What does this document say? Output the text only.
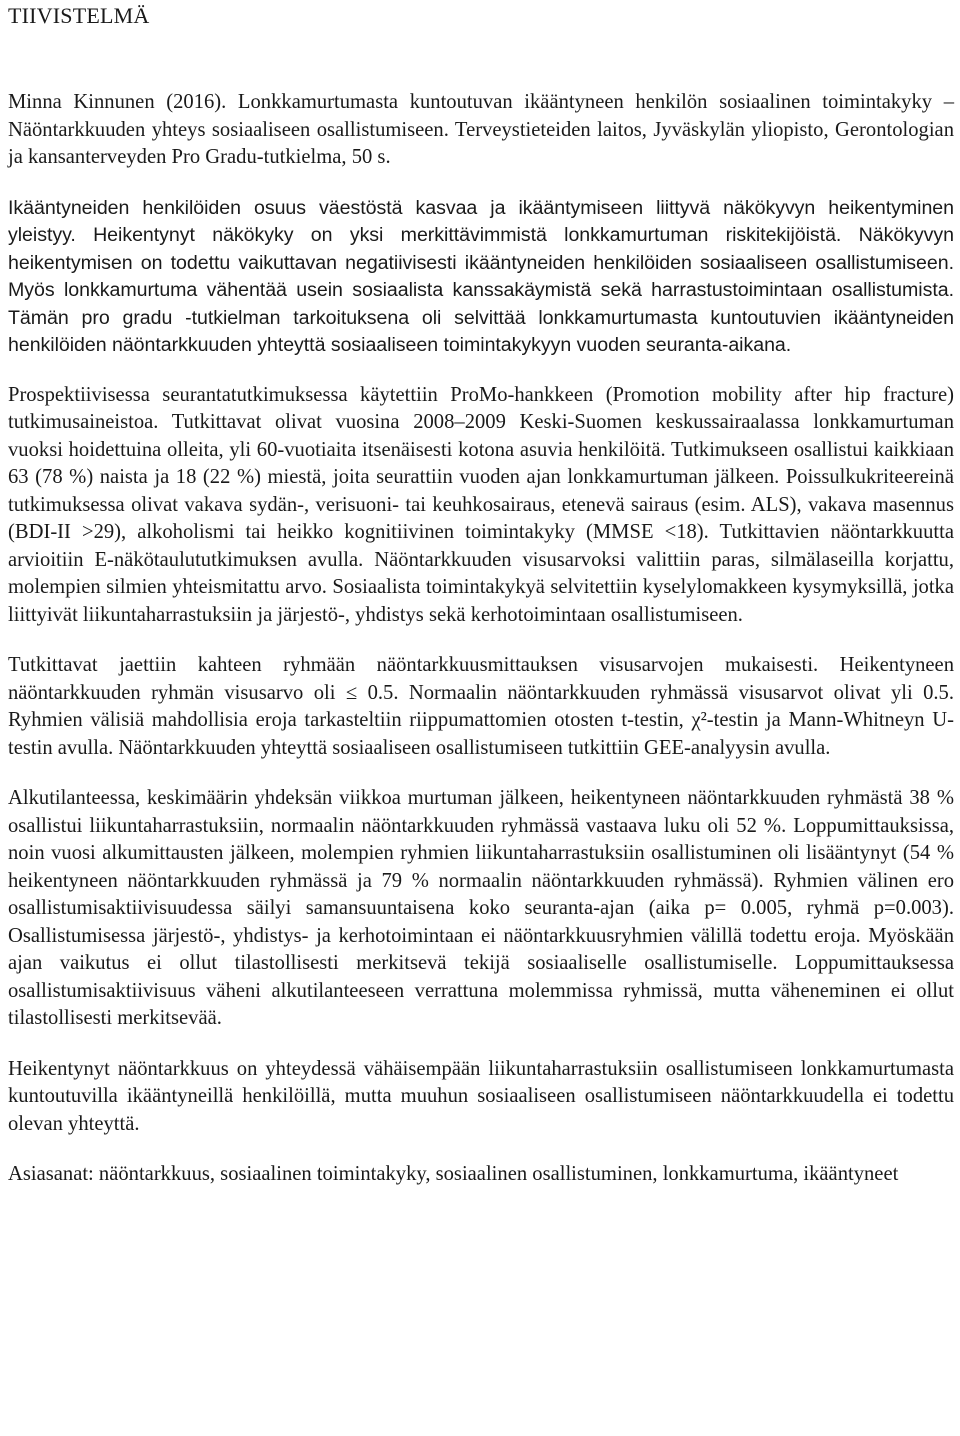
TIIVISTELMÄ

Minna Kinnunen (2016). Lonkkamurtumasta kuntoutuvan ikääntyneen henkilön sosiaalinen toimintakyky – Näöntarkkuuden yhteys sosiaaliseen osallistumiseen. Terveystieteiden laitos, Jyväskylän yliopisto, Gerontologian ja kansanterveyden Pro Gradu-tutkielma, 50 s.

Ikääntyneiden henkilöiden osuus väestöstä kasvaa ja ikääntymiseen liittyvä näkökyvyn heikentyminen yleistyy. Heikentynyt näkökyky on yksi merkittävimmistä lonkkamurtuman riskitekijöistä. Näkökyvyn heikentymisen on todettu vaikuttavan negatiivisesti ikääntyneiden henkilöiden sosiaaliseen osallistumiseen. Myös lonkkamurtuma vähentää usein sosiaalista kanssakäymistä sekä harrastustoimintaan osallistumista. Tämän pro gradu -tutkielman tarkoituksena oli selvittää lonkkamurtumasta kuntoutuvien ikääntyneiden henkilöiden näöntarkkuuden yhteyttä sosiaaliseen toimintakykyyn vuoden seuranta-aikana.

Prospektiivisessa seurantatutkimuksessa käytettiin ProMo-hankkeen (Promotion mobility after hip fracture) tutkimusaineistoa. Tutkittavat olivat vuosina 2008–2009 Keski-Suomen keskussairaalassa lonkkamurtuman vuoksi hoidettuina olleita, yli 60-vuotiaita itsenäisesti kotona asuvia henkilöitä. Tutkimukseen osallistui kaikkiaan 63 (78 %) naista ja 18 (22 %) miestä, joita seurattiin vuoden ajan lonkkamurtuman jälkeen. Poissulkukriteereinä tutkimuksessa olivat vakava sydän-, verisuoni- tai keuhkosairaus, etenevä sairaus (esim. ALS), vakava masennus (BDI-II >29), alkoholismi tai heikko kognitiivinen toimintakyky (MMSE <18). Tutkittavien näöntarkkuutta arvioitiin E-näkötaulututkimuksen avulla. Näöntarkkuuden visusarvoksi valittiin paras, silmälaseilla korjattu, molempien silmien yhteismitattu arvo. Sosiaalista toimintakykyä selvitettiin kyselylomakkeen kysymyksillä, jotka liittyivät liikuntaharrastuksiin ja järjestö-, yhdistys sekä kerhotoimintaan osallistumiseen.

Tutkittavat jaettiin kahteen ryhmään näöntarkkuusmittauksen visusarvojen mukaisesti. Heikentyneen näöntarkkuuden ryhmän visusarvo oli ≤ 0.5. Normaalin näöntarkkuuden ryhmässä visusarvot olivat yli 0.5. Ryhmien välisiä mahdollisia eroja tarkasteltiin riippumattomien otosten t-testin, χ²-testin ja Mann-Whitneyn U-testin avulla. Näöntarkkuuden yhteyttä sosiaaliseen osallistumiseen tutkittiin GEE-analyysin avulla.

Alkutilanteessa, keskimäärin yhdeksän viikkoa murtuman jälkeen, heikentyneen näöntarkkuuden ryhmästä 38 % osallistui liikuntaharrastuksiin, normaalin näöntarkkuuden ryhmässä vastaava luku oli 52 %. Loppumittauksissa, noin vuosi alkumittausten jälkeen, molempien ryhmien liikuntaharrastuksiin osallistuminen oli lisääntynyt (54 % heikentyneen näöntarkkuuden ryhmässä ja 79 % normaalin näöntarkkuuden ryhmässä). Ryhmien välinen ero osallistumisaktiivisuudessa säilyi samansuuntaisena koko seuranta-ajan (aika p= 0.005, ryhmä p=0.003). Osallistumisessa järjestö-, yhdistys- ja kerhotoimintaan ei näöntarkkuusryhmien välillä todettu eroja. Myöskään ajan vaikutus ei ollut tilastollisesti merkitsevä tekijä sosiaaliselle osallistumiselle. Loppumittauksessa osallistumisaktiivisuus väheni alkutilanteeseen verrattuna molemmissa ryhmissä, mutta väheneminen ei ollut tilastollisesti merkitsevää.

Heikentynyt näöntarkkuus on yhteydessä vähäisempään liikuntaharrastuksiin osallistumiseen lonkkamurtumasta kuntoutuvilla ikääntyneillä henkilöillä, mutta muuhun sosiaaliseen osallistumiseen näöntarkkuudella ei todettu olevan yhteyttä.

Asiasanat: näöntarkkuus, sosiaalinen toimintakyky, sosiaalinen osallistuminen, lonkkamurtuma, ikääntyneet
